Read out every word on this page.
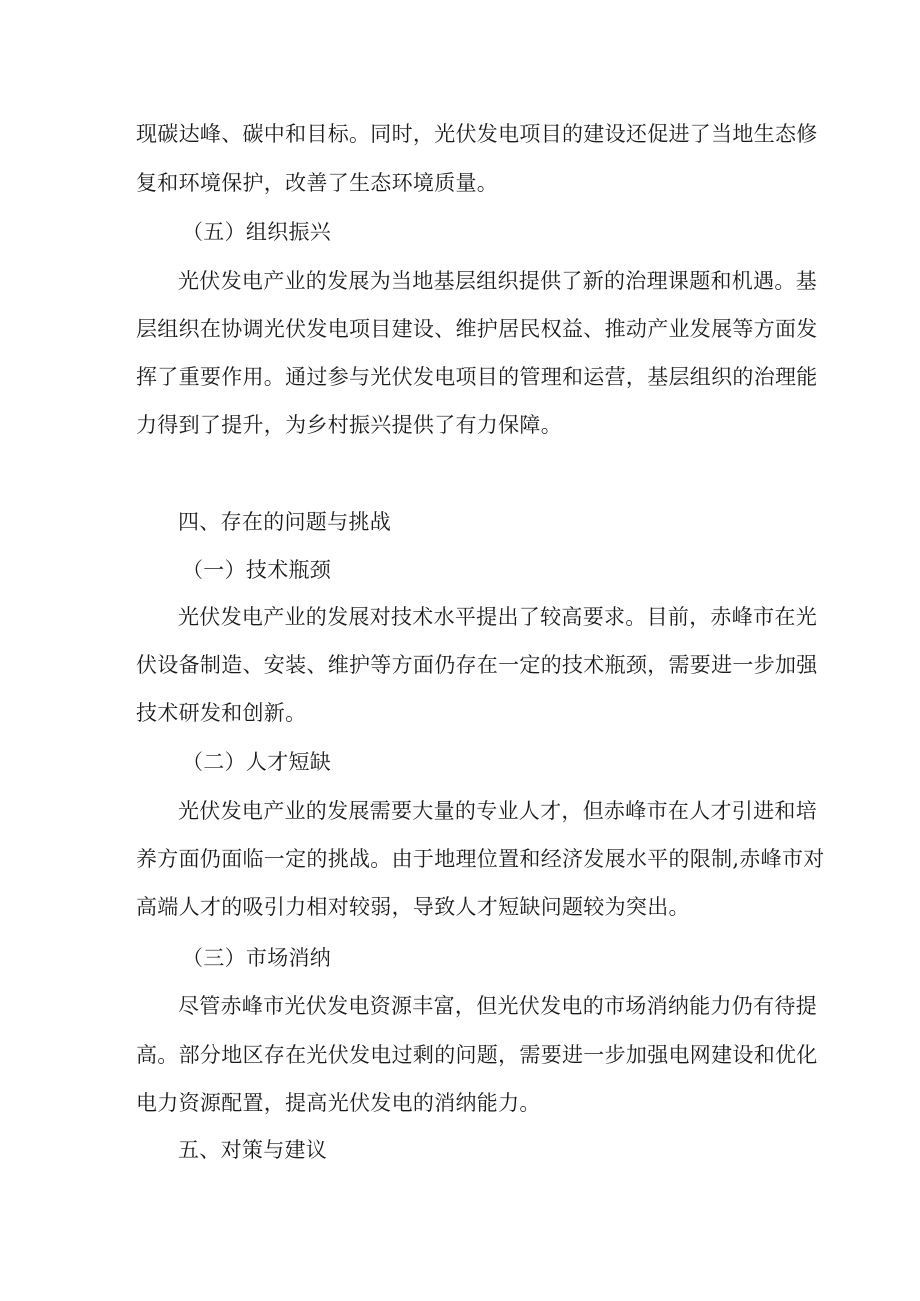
现碳达峰、碳中和目标。同时，光伏发电项目的建设还促进了当地生态修
复和环境保护，改善了生态环境质量。
（五）组织振兴
光伏发电产业的发展为当地基层组织提供了新的治理课题和机遇。基
层组织在协调光伏发电项目建设、维护居民权益、推动产业发展等方面发
挥了重要作用。通过参与光伏发电项目的管理和运营，基层组织的治理能
力得到了提升，为乡村振兴提供了有力保障。
四、存在的问题与挑战
（一）技术瓶颈
光伏发电产业的发展对技术水平提出了较高要求。目前，赤峰市在光
伏设备制造、安装、维护等方面仍存在一定的技术瓶颈，需要进一步加强
技术研发和创新。
（二）人才短缺
光伏发电产业的发展需要大量的专业人才，但赤峰市在人才引进和培
养方面仍面临一定的挑战。由于地理位置和经济发展水平的限制,赤峰市对
高端人才的吸引力相对较弱，导致人才短缺问题较为突出。
（三）市场消纳
尽管赤峰市光伏发电资源丰富，但光伏发电的市场消纳能力仍有待提
高。部分地区存在光伏发电过剩的问题，需要进一步加强电网建设和优化
电力资源配置，提高光伏发电的消纳能力。
五、对策与建议
